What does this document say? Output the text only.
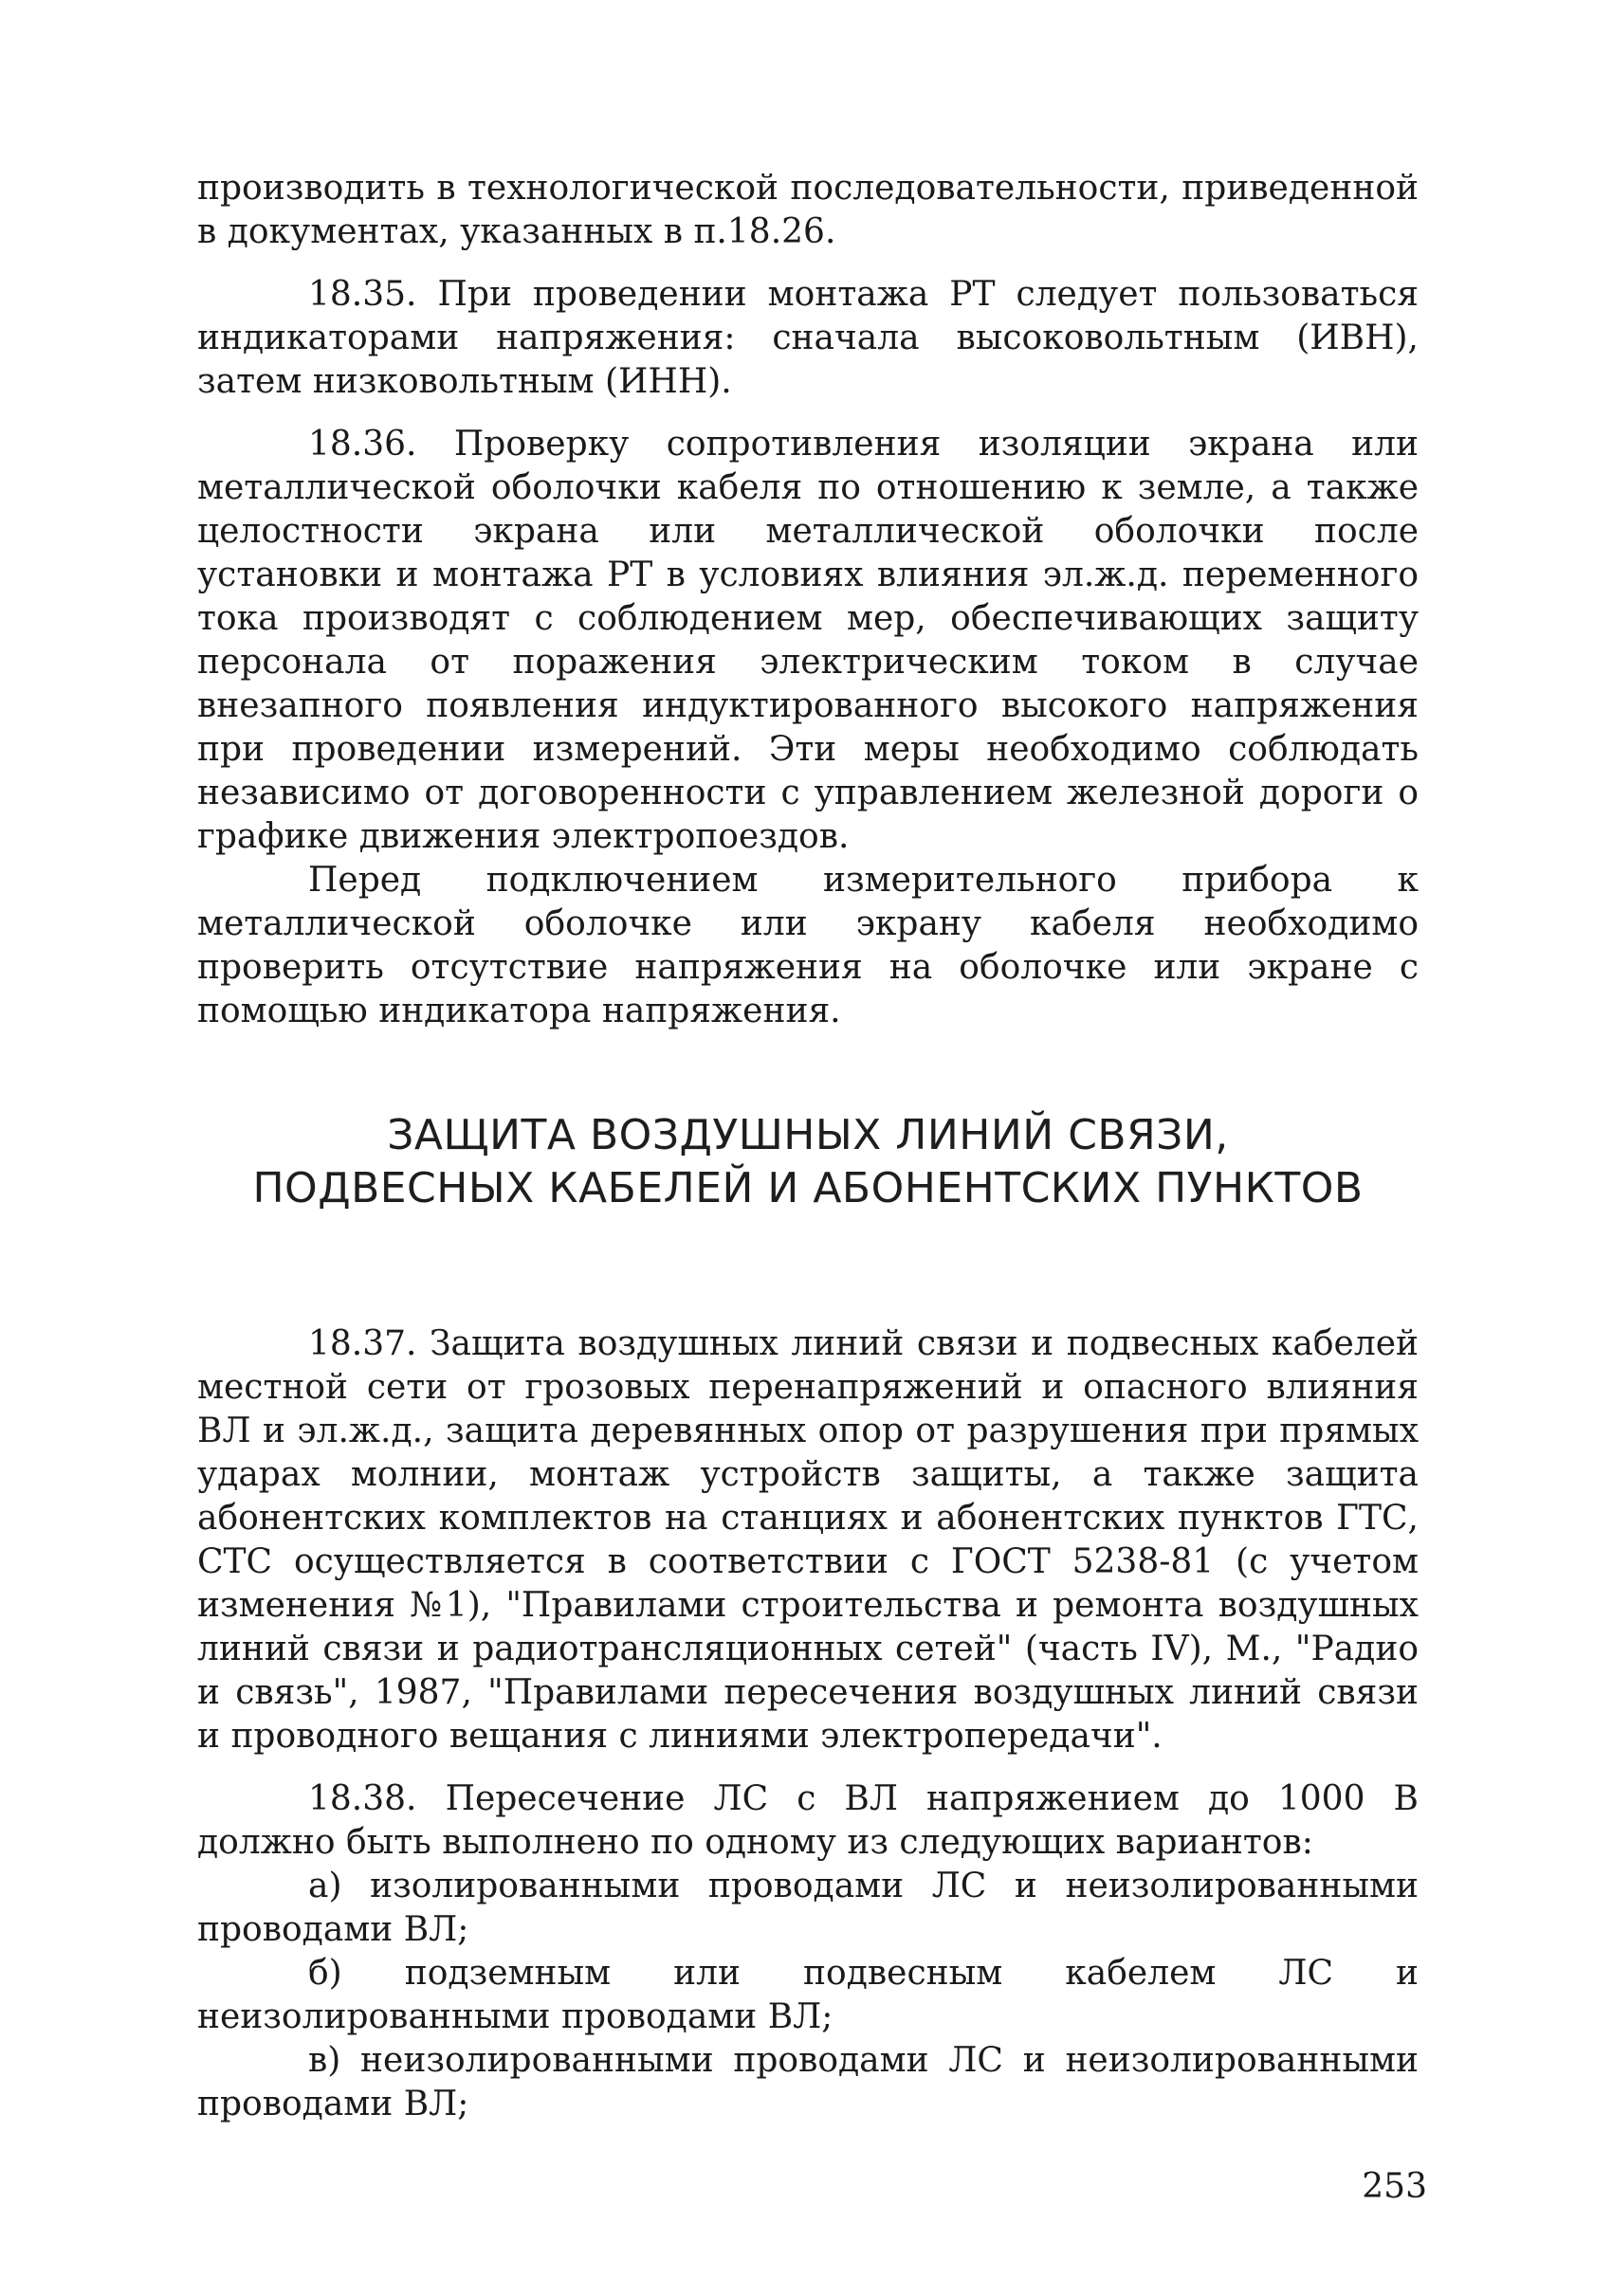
производить в технологической последовательности, приведенной в документах, указанных в п.18.26.

18.35. При проведении монтажа РТ следует пользоваться индикаторами напряжения: сначала высоковольтным (ИВН), затем низковольтным (ИНН).

18.36. Проверку сопротивления изоляции экрана или металлической оболочки кабеля по отношению к земле, а также целостности экрана или металлической оболочки после установки и монтажа РТ в условиях влияния эл.ж.д. переменного тока производят с соблюдением мер, обеспечивающих защиту персонала от поражения электрическим током в случае внезапного появления индуктированного высокого напряжения при проведении измерений. Эти меры необходимо соблюдать независимо от договоренности с управлением железной дороги о графике движения электропоездов.

Перед подключением измерительного прибора к металлической оболочке или экрану кабеля необходимо проверить отсутствие напряжения на оболочке или экране с помощью индикатора напряжения.

ЗАЩИТА ВОЗДУШНЫХ ЛИНИЙ СВЯЗИ,
ПОДВЕСНЫХ КАБЕЛЕЙ И АБОНЕНТСКИХ ПУНКТОВ

18.37. Защита воздушных линий связи и подвесных кабелей местной сети от грозовых перенапряжений и опасного влияния ВЛ и эл.ж.д., защита деревянных опор от разрушения при прямых ударах молнии, монтаж устройств защиты, а также защита абонентских комплектов на станциях и абонентских пунктов ГТС, СТС осуществляется в соответствии с ГОСТ 5238-81 (с учетом изменения №1), "Правилами строительства и ремонта воздушных линий связи и радиотрансляционных сетей" (часть IV), М., "Радио и связь", 1987, "Правилами пересечения воздушных линий связи и проводного вещания с линиями электропередачи".

18.38. Пересечение ЛС с ВЛ напряжением до 1000 В должно быть выполнено по одному из следующих вариантов:

а) изолированными проводами ЛС и неизолированными проводами ВЛ;

б) подземным или подвесным кабелем ЛС и неизолированными проводами ВЛ;

в) неизолированными проводами ЛС и неизолированными проводами ВЛ;

253
